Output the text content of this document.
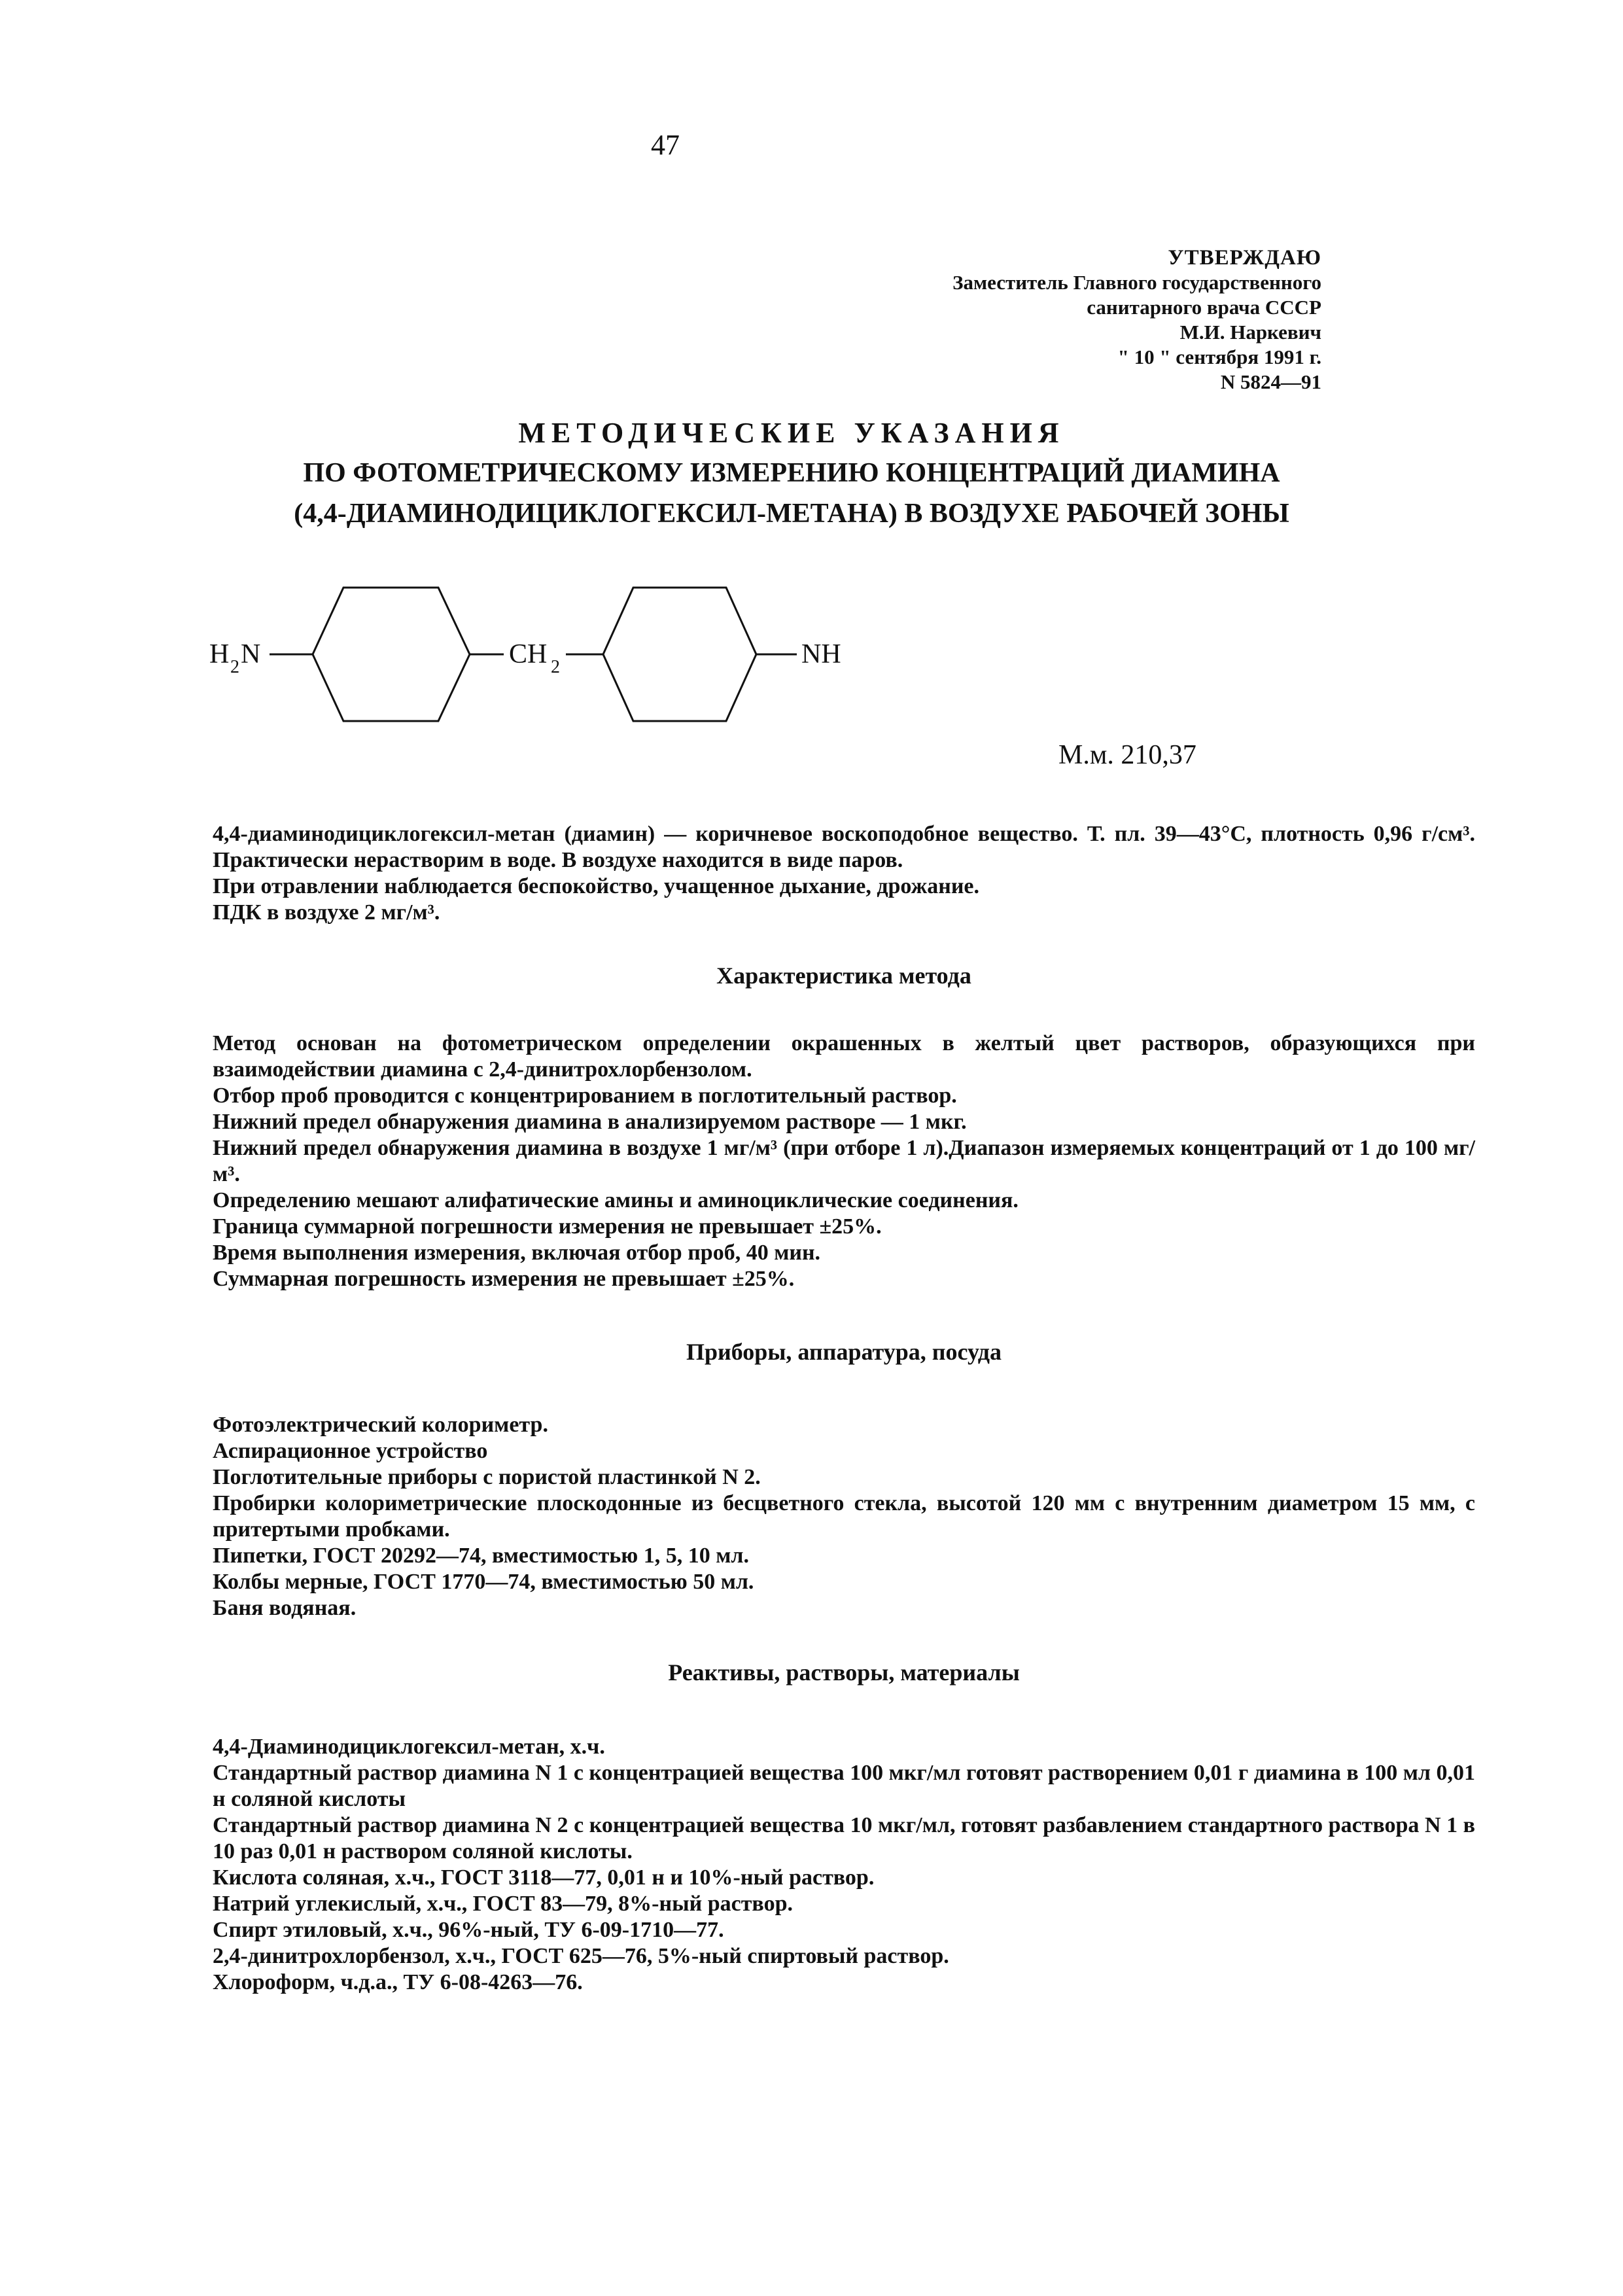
47
УТВЕРЖДАЮ
Заместитель Главного государственного
санитарного врача СССР
М.И. Наркевич
" 10 " сентября 1991 г.
N 5824—91
МЕТОДИЧЕСКИЕ УКАЗАНИЯ
ПО ФОТОМЕТРИЧЕСКОМУ ИЗМЕРЕНИЮ КОНЦЕНТРАЦИЙ ДИАМИНА
(4,4-ДИАМИНОДИЦИКЛОГЕКСИЛ-МЕТАНА) В ВОЗДУХЕ РАБОЧЕЙ ЗОНЫ
H 2 N	CH 2	NH
М.м. 210,37

4,4-диаминодициклогексил-метан (диамин) — коричневое воскоподобное вещество. Т. пл. 39—43°С, плотность 0,96 г/см³. Практически нерастворим в воде. В воздухе находится в виде паров.

При отравлении наблюдается беспокойство, учащенное дыхание, дрожание.

ПДК в воздухе 2 мг/м³.

Характеристика метода

Метод основан на фотометрическом определении окрашенных в желтый цвет растворов, образующихся при взаимодействии диамина с 2,4-динитрохлорбензолом.

Отбор проб проводится с концентрированием в поглотительный раствор.

Нижний предел обнаружения диамина в анализируемом растворе — 1 мкг.

Нижний предел обнаружения диамина в воздухе 1 мг/м³ (при отборе 1 л).Диапазон измеряемых концентраций от 1 до 100 мг/м³.

Определению мешают алифатические амины и аминоциклические соединения.

Граница суммарной погрешности измерения не превышает ±25%.

Время выполнения измерения, включая отбор проб, 40 мин.

Суммарная погрешность измерения не превышает ±25%.

Приборы, аппаратура, посуда

Фотоэлектрический колориметр.

Аспирационное устройство

Поглотительные приборы с пористой пластинкой N 2.

Пробирки колориметрические плоскодонные из бесцветного стекла, высотой 120 мм с внутренним диаметром 15 мм, с притертыми пробками.

Пипетки, ГОСТ 20292—74, вместимостью 1, 5, 10 мл.

Колбы мерные, ГОСТ 1770—74, вместимостью 50 мл.

Баня водяная.

Реактивы, растворы, материалы

4,4-Диаминодициклогексил-метан, х.ч.

Стандартный раствор диамина N 1 с концентрацией вещества 100 мкг/мл готовят растворением 0,01 г диамина в 100 мл 0,01 н соляной кислоты

Стандартный раствор диамина N 2 с концентрацией вещества 10 мкг/мл, готовят разбавлением стандартного раствора N 1 в 10 раз 0,01 н раствором соляной кислоты.

Кислота соляная, х.ч., ГОСТ 3118—77, 0,01 н и 10%-ный раствор.

Натрий углекислый, х.ч., ГОСТ 83—79, 8%-ный раствор.

Спирт этиловый, х.ч., 96%-ный, ТУ 6-09-1710—77.

2,4-динитрохлорбензол, х.ч., ГОСТ 625—76, 5%-ный спиртовый раствор.

Хлороформ, ч.д.а., ТУ 6-08-4263—76.
